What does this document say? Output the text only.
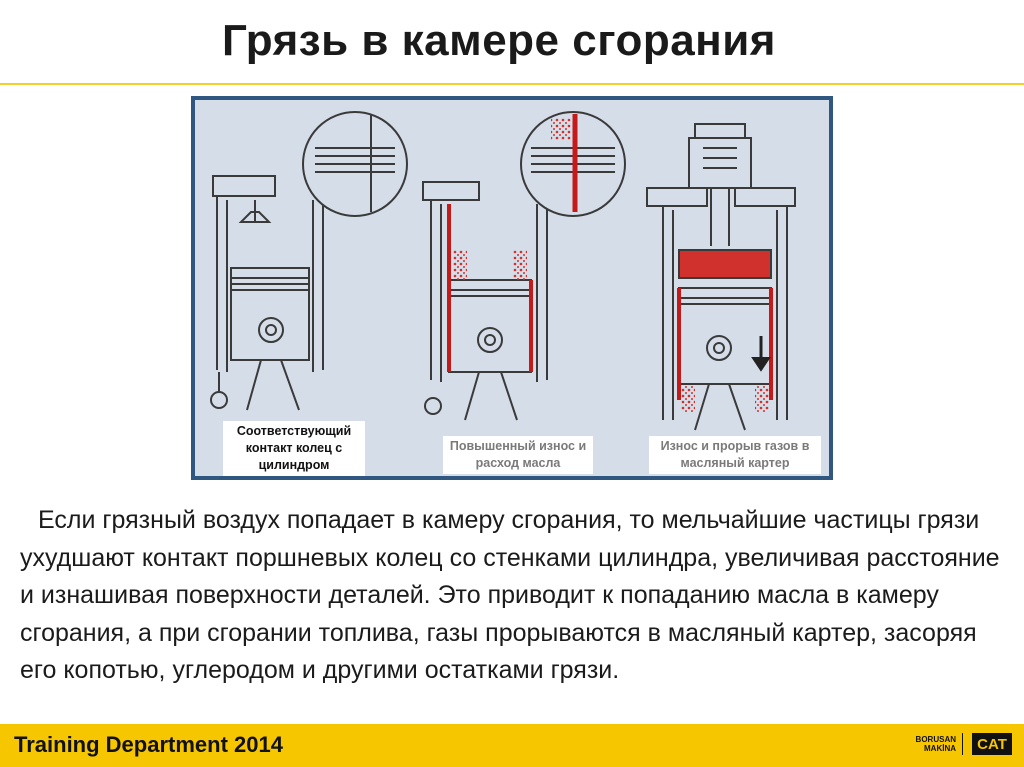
Грязь в камере сгорания
Соответствующий контакт колец с цилиндром
Повышенный износ и расход масла
Износ и прорыв газов в масляный картер

Если грязный воздух попадает в камеру сгорания, то мельчайшие частицы грязи ухудшают контакт поршневых колец со стенками цилиндра, увеличивая расстояние и изнашивая поверхности деталей. Это приводит к попаданию масла в камеру сгорания, а при сгорании топлива, газы прорываются в масляный картер, засоряя его копотью, углеродом и другими остатками грязи.

Training Department 2014	BORUSAN
MAKİNA	CAT
